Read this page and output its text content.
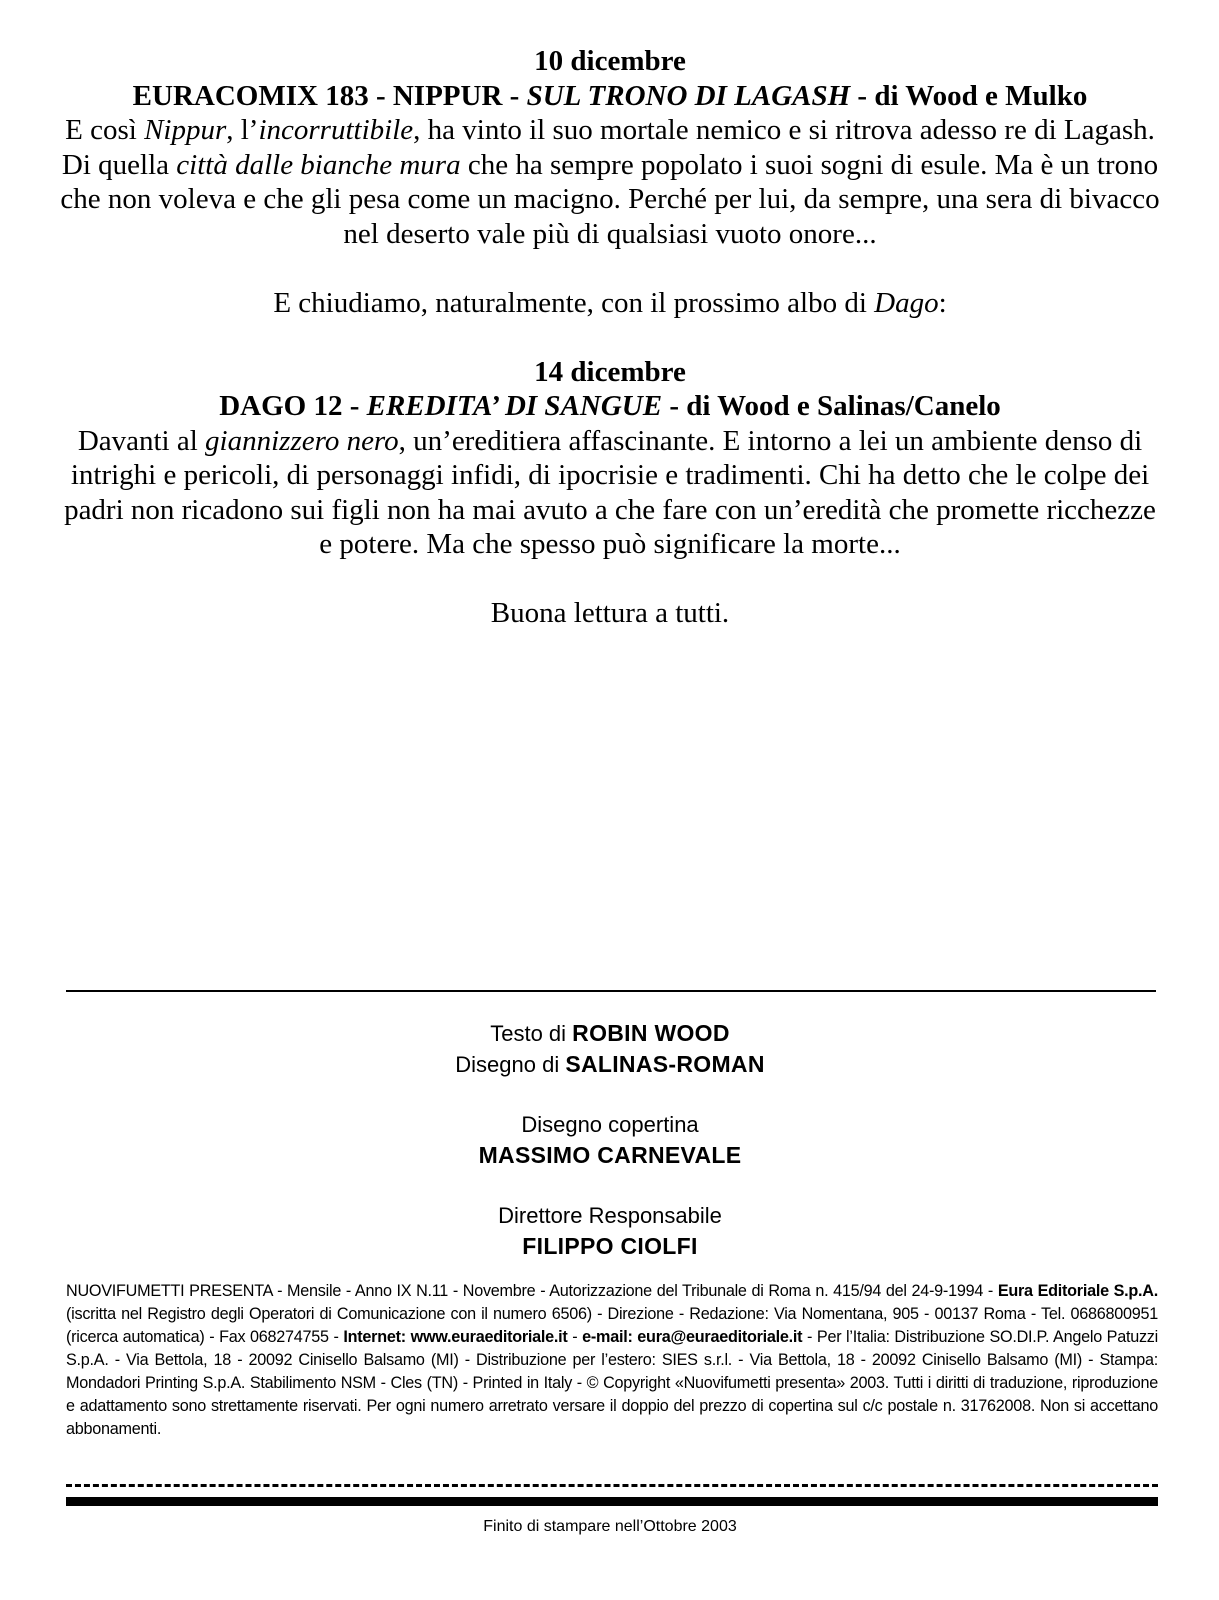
10 dicembre

EURACOMIX 183 - NIPPUR - SUL TRONO DI LAGASH - di Wood e Mulko

E così Nippur, l’incorruttibile, ha vinto il suo mortale nemico e si ritrova adesso re di Lagash. Di quella città dalle bianche mura che ha sempre popolato i suoi sogni di esule. Ma è un trono che non voleva e che gli pesa come un macigno. Perché per lui, da sempre, una sera di bivacco nel deserto vale più di qualsiasi vuoto onore...

E chiudiamo, naturalmente, con il prossimo albo di Dago:

14 dicembre

DAGO 12 - EREDITA’ DI SANGUE - di Wood e Salinas/Canelo

Davanti al giannizzero nero, un’ereditiera affascinante. E intorno a lei un ambiente denso di intrighi e pericoli, di personaggi infidi, di ipocrisie e tradimenti. Chi ha detto che le colpe dei padri non ricadono sui figli non ha mai avuto a che fare con un’eredità che promette ricchezze e potere. Ma che spesso può significare la morte...

Buona lettura a tutti.

Testo di ROBIN WOOD
Disegno di SALINAS-ROMAN
Disegno copertina
MASSIMO CARNEVALE
Direttore Responsabile
FILIPPO CIOLFI
NUOVIFUMETTI PRESENTA - Mensile - Anno IX N.11 - Novembre - Autorizzazione del Tribunale di Roma n. 415/94 del 24-9-1994 - Eura Editoriale S.p.A. (iscritta nel Registro degli Operatori di Comunicazione con il numero 6506) - Direzione - Redazione: Via Nomentana, 905 - 00137 Roma - Tel. 0686800951 (ricerca automatica) - Fax 068274755 - Internet: www.euraeditoriale.it - e-mail: eura@euraeditoriale.it - Per l’Italia: Distribuzione SO.DI.P. Angelo Patuzzi S.p.A. - Via Bettola, 18 - 20092 Cinisello Balsamo (MI) - Distribuzione per l’estero: SIES s.r.l. - Via Bettola, 18 - 20092 Cinisello Balsamo (MI) - Stampa: Mondadori Printing S.p.A. Stabilimento NSM - Cles (TN) - Printed in Italy - © Copyright «Nuovifumetti presenta» 2003. Tutti i diritti di traduzione, riproduzione e adattamento sono strettamente riservati. Per ogni numero arretrato versare il doppio del prezzo di copertina sul c/c postale n. 31762008. Non si accettano abbonamenti.
Finito di stampare nell’Ottobre 2003
